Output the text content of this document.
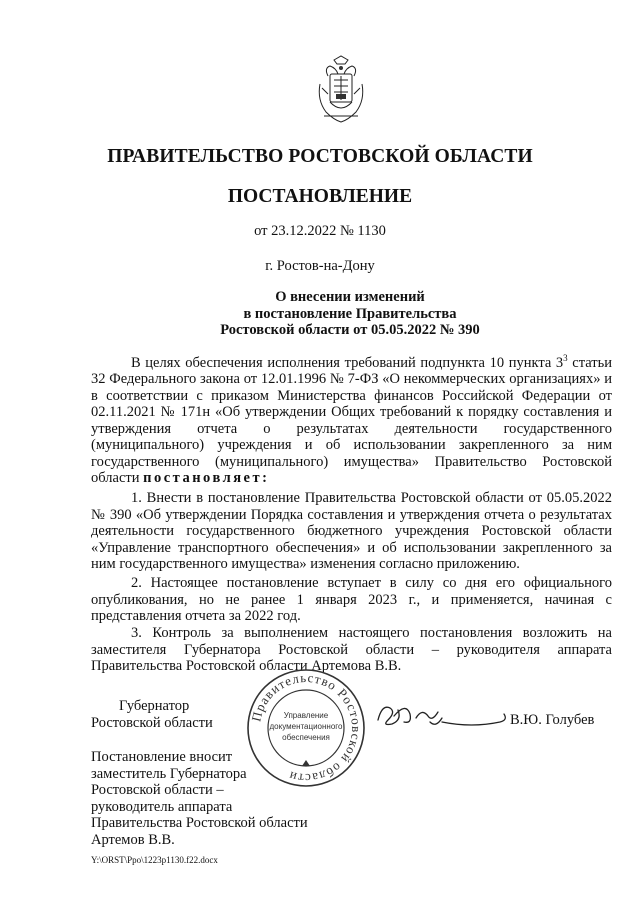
ПРАВИТЕЛЬСТВО РОСТОВСКОЙ ОБЛАСТИ
ПОСТАНОВЛЕНИЕ
от 23.12.2022 № 1130
г. Ростов-на-Дону
О внесении изменений
в постановление Правительства
Ростовской области от 05.05.2022 № 390
В целях обеспечения исполнения требований подпункта 10 пункта $3^3$ статьи 32 Федерального закона от 12.01.1996 № 7-ФЗ «О некоммерческих организациях» и в соответствии с приказом Министерства финансов Российской Федерации от 02.11.2021 № 171н «Об утверждении Общих требований к порядку составления и утверждения отчета о результатах деятельности государственного (муниципального) учреждения и об использовании закрепленного за ним государственного (муниципального) имущества» Правительство Ростовской области постановляет:
1. Внести в постановление Правительства Ростовской области от 05.05.2022 № 390 «Об утверждении Порядка составления и утверждения отчета о результатах деятельности государственного бюджетного учреждения Ростовской области «Управление транспортного обеспечения» и об использовании закрепленного за ним государственного имущества» изменения согласно приложению.
2. Настоящее постановление вступает в силу со дня его официального опубликования, но не ранее 1 января 2023 г., и применяется, начиная с представления отчета за 2022 год.
3. Контроль за выполнением настоящего постановления возложить на заместителя Губернатора Ростовской области – руководителя аппарата Правительства Ростовской области Артемова В.В.
Губернатор
Ростовской области	Правительство Ростовской области
Управление
документационного
обеспечения
В.Ю. Голубев
Постановление вносит
заместитель Губернатора
Ростовской области –
руководитель аппарата
Правительства Ростовской области
Артемов В.В.
Y:\ORST\Ppo\1223p1130.f22.docx
